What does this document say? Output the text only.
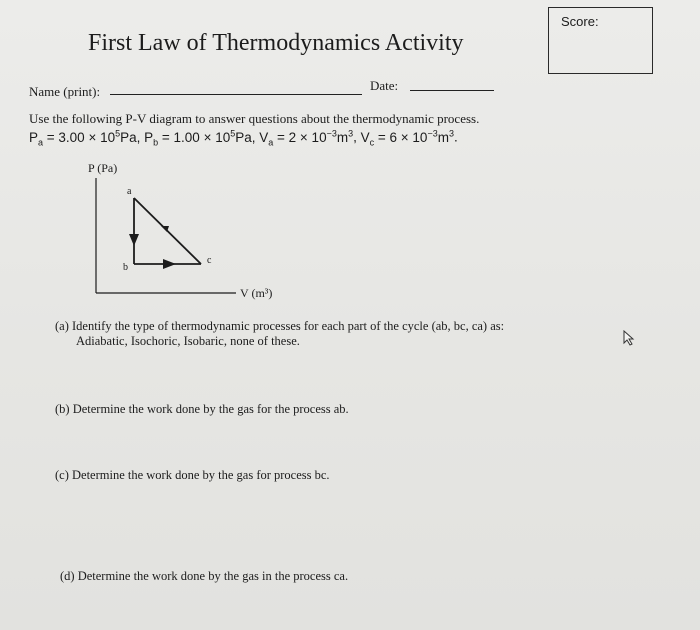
Score:
First Law of Thermodynamics Activity
Name (print):	Date:
Use the following P-V diagram to answer questions about the thermodynamic process.
$P_a = 3.00 \times 10^5Pa$, $P_b = 1.00 \times 10^5Pa$, $V_a = 2 \times 10^{-3}m^3$, $V_c = 6 \times 10^{-3}m^3$.
P (Pa)
a
b
c
V (m³)
(a) Identify the type of thermodynamic processes for each part of the cycle (ab, bc, ca) as:
Adiabatic, Isochoric, Isobaric, none of these.
(b) Determine the work done by the gas for the process ab.
(c) Determine the work done by the gas for process bc.
(d) Determine the work done by the gas in the process ca.
